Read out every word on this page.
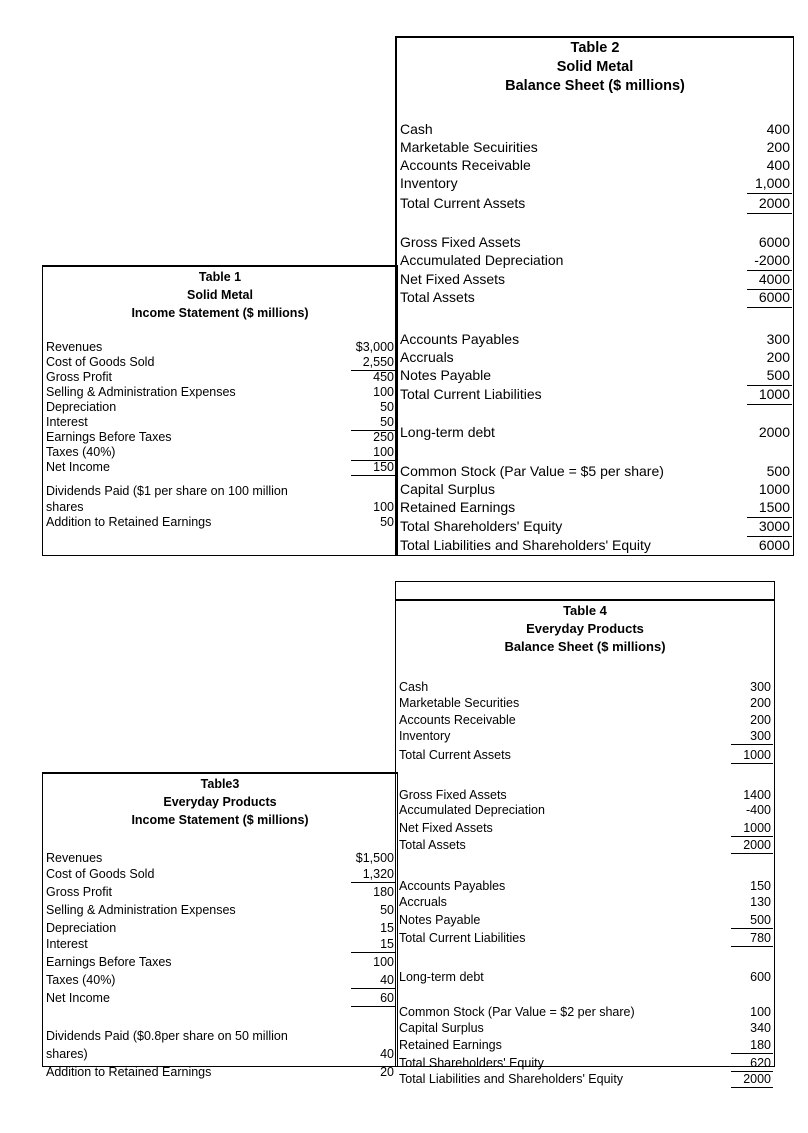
Table 2
Solid Metal
Balance Sheet ($ millions)
Cash	400
Marketable Secuirities	200
Accounts Receivable	400
Inventory	1,000
Total Current Assets	2000
Gross Fixed Assets	6000
Accumulated Depreciation	-2000
Net Fixed Assets	4000
Total Assets	6000
Accounts Payables	300
Accruals	200
Notes Payable	500
Total Current Liabilities	1000
Long-term debt	2000
Common Stock (Par Value = $5 per share)	500
Capital Surplus	1000
Retained Earnings	1500
Total Shareholders' Equity	3000
Total Liabilities and Shareholders' Equity	6000
Table 1
Solid Metal
Income Statement ($ millions)
Revenues	$3,000
Cost of Goods Sold	2,550
Gross Profit	450
Selling & Administration Expenses	100
Depreciation	50
Interest	50
Earnings Before Taxes	250
Taxes (40%)	100
Net Income	150
Dividends Paid ($1 per share on 100 million
shares	100
Addition to Retained Earnings	50
Table 4
Everyday Products
Balance Sheet ($ millions)
Cash	300
Marketable Securities	200
Accounts Receivable	200
Inventory	300
Total Current Assets	1000
Gross Fixed Assets	1400
Accumulated Depreciation	-400
Net Fixed Assets	1000
Total Assets	2000
Accounts Payables	150
Accruals	130
Notes Payable	500
Total Current Liabilities	780
Long-term debt	600
Common Stock (Par Value = $2 per share)	100
Capital Surplus	340
Retained Earnings	180
Total Shareholders' Equity	620
Total Liabilities and Shareholders' Equity	2000
Table3
Everyday Products
Income Statement ($ millions)
Revenues	$1,500
Cost of Goods Sold	1,320
Gross Profit	180
Selling & Administration Expenses	50
Depreciation	15
Interest	15
Earnings Before Taxes	100
Taxes (40%)	40
Net Income	60
Dividends Paid ($0.8per share on 50 million
shares)	40
Addition to Retained Earnings	20
